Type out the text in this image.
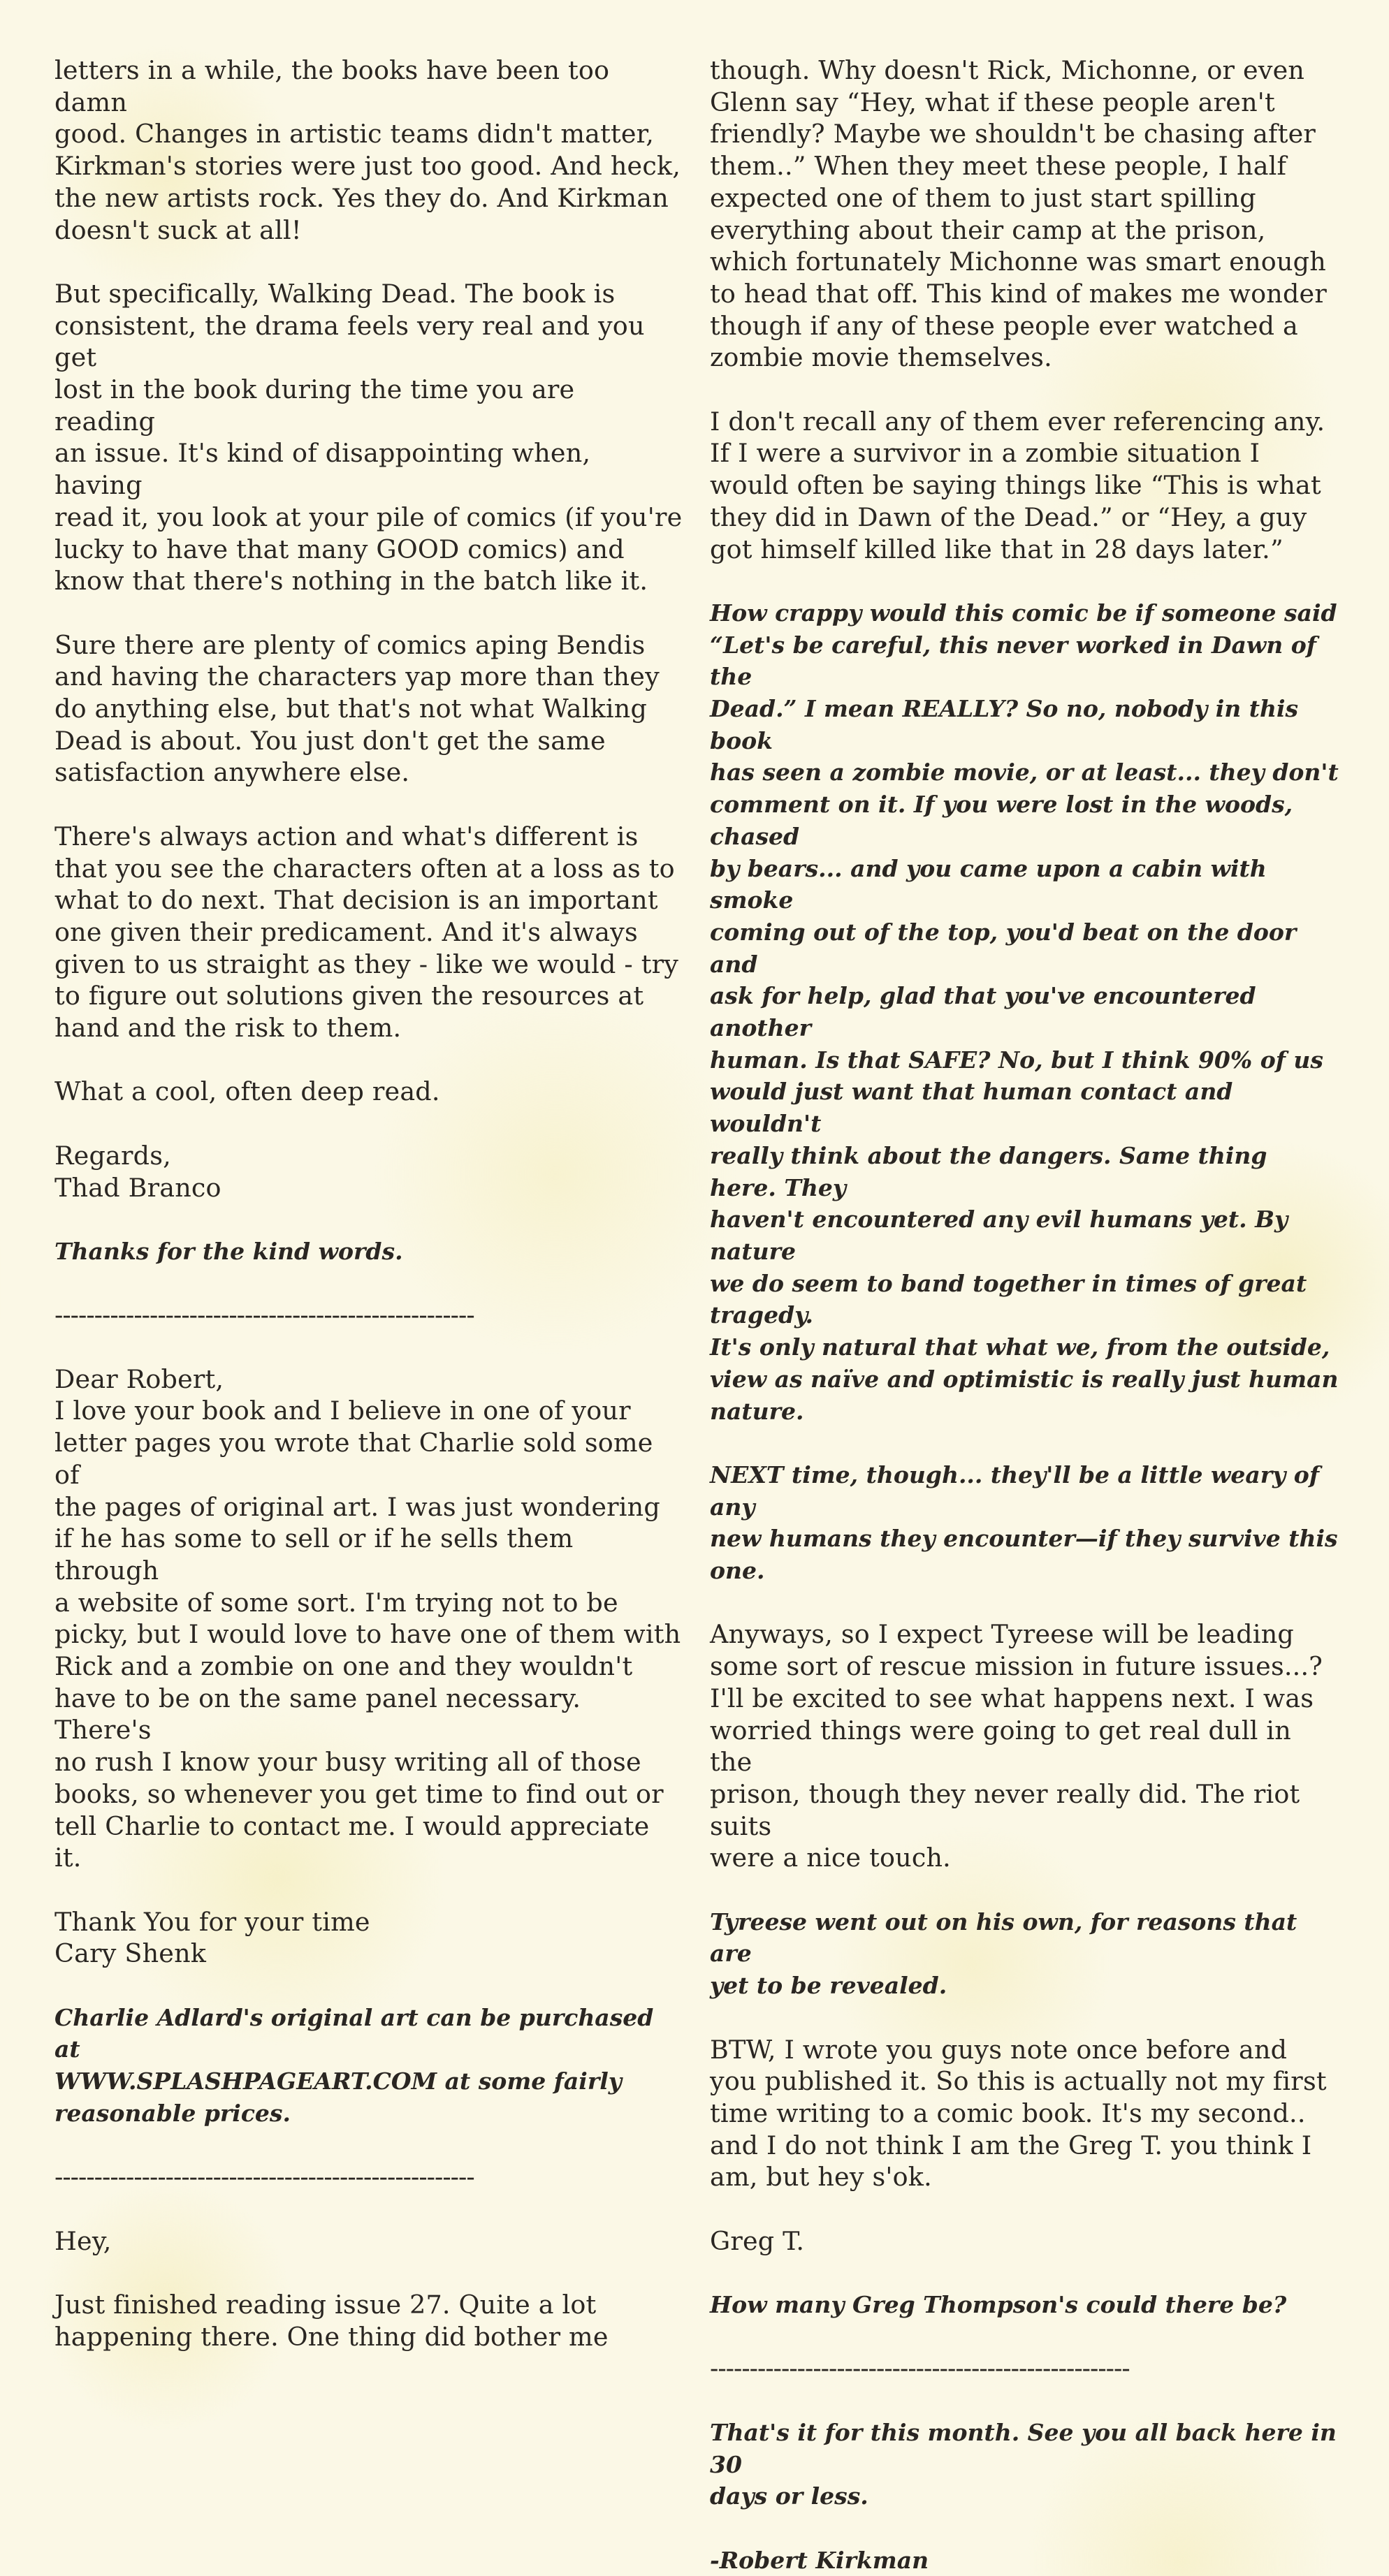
letters in a while, the books have been too damn
good. Changes in artistic teams didn't matter,
Kirkman's stories were just too good. And heck,
the new artists rock. Yes they do. And Kirkman
doesn't suck at all!

But specifically, Walking Dead. The book is
consistent, the drama feels very real and you get
lost in the book during the time you are reading
an issue. It's kind of disappointing when, having
read it, you look at your pile of comics (if you're
lucky to have that many GOOD comics) and
know that there's nothing in the batch like it.

Sure there are plenty of comics aping Bendis
and having the characters yap more than they
do anything else, but that's not what Walking
Dead is about. You just don't get the same
satisfaction anywhere else.

There's always action and what's different is
that you see the characters often at a loss as to
what to do next. That decision is an important
one given their predicament. And it's always
given to us straight as they - like we would - try
to figure out solutions given the resources at
hand and the risk to them.

What a cool, often deep read.

Regards,
Thad Branco

Thanks for the kind words.

-----------------------------------------------------

Dear Robert,
I love your book and I believe in one of your
letter pages you wrote that Charlie sold some of
the pages of original art. I was just wondering
if he has some to sell or if he sells them through
a website of some sort. I'm trying not to be
picky, but I would love to have one of them with
Rick and a zombie on one and they wouldn't
have to be on the same panel necessary. There's
no rush I know your busy writing all of those
books, so whenever you get time to find out or
tell Charlie to contact me. I would appreciate it.

Thank You for your time
Cary Shenk

Charlie Adlard's original art can be purchased at
WWW.SPLASHPAGEART.COM at some fairly
reasonable prices.

-----------------------------------------------------

Hey,

Just finished reading issue 27. Quite a lot
happening there. One thing did bother me

though. Why doesn't Rick, Michonne, or even
Glenn say “Hey, what if these people aren't
friendly? Maybe we shouldn't be chasing after
them..” When they meet these people, I half
expected one of them to just start spilling
everything about their camp at the prison,
which fortunately Michonne was smart enough
to head that off. This kind of makes me wonder
though if any of these people ever watched a
zombie movie themselves.

I don't recall any of them ever referencing any.
If I were a survivor in a zombie situation I
would often be saying things like “This is what
they did in Dawn of the Dead.” or “Hey, a guy
got himself killed like that in 28 days later.”

How crappy would this comic be if someone said
“Let's be careful, this never worked in Dawn of the
Dead.” I mean REALLY? So no, nobody in this book
has seen a zombie movie, or at least... they don't
comment on it. If you were lost in the woods, chased
by bears... and you came upon a cabin with smoke
coming out of the top, you'd beat on the door and
ask for help, glad that you've encountered another
human. Is that SAFE? No, but I think 90% of us
would just want that human contact and wouldn't
really think about the dangers. Same thing here. They
haven't encountered any evil humans yet. By nature
we do seem to band together in times of great tragedy.
It's only natural that what we, from the outside,
view as naïve and optimistic is really just human
nature.

NEXT time, though... they'll be a little weary of any
new humans they encounter—if they survive this one.

Anyways, so I expect Tyreese will be leading
some sort of rescue mission in future issues...?
I'll be excited to see what happens next. I was
worried things were going to get real dull in the
prison, though they never really did. The riot suits
were a nice touch.

Tyreese went out on his own, for reasons that are
yet to be revealed.

BTW, I wrote you guys note once before and
you published it. So this is actually not my first
time writing to a comic book. It's my second..
and I do not think I am the Greg T. you think I
am, but hey s'ok.

Greg T.

How many Greg Thompson's could there be?

-----------------------------------------------------

That's it for this month. See you all back here in 30
days or less.

-Robert Kirkman
